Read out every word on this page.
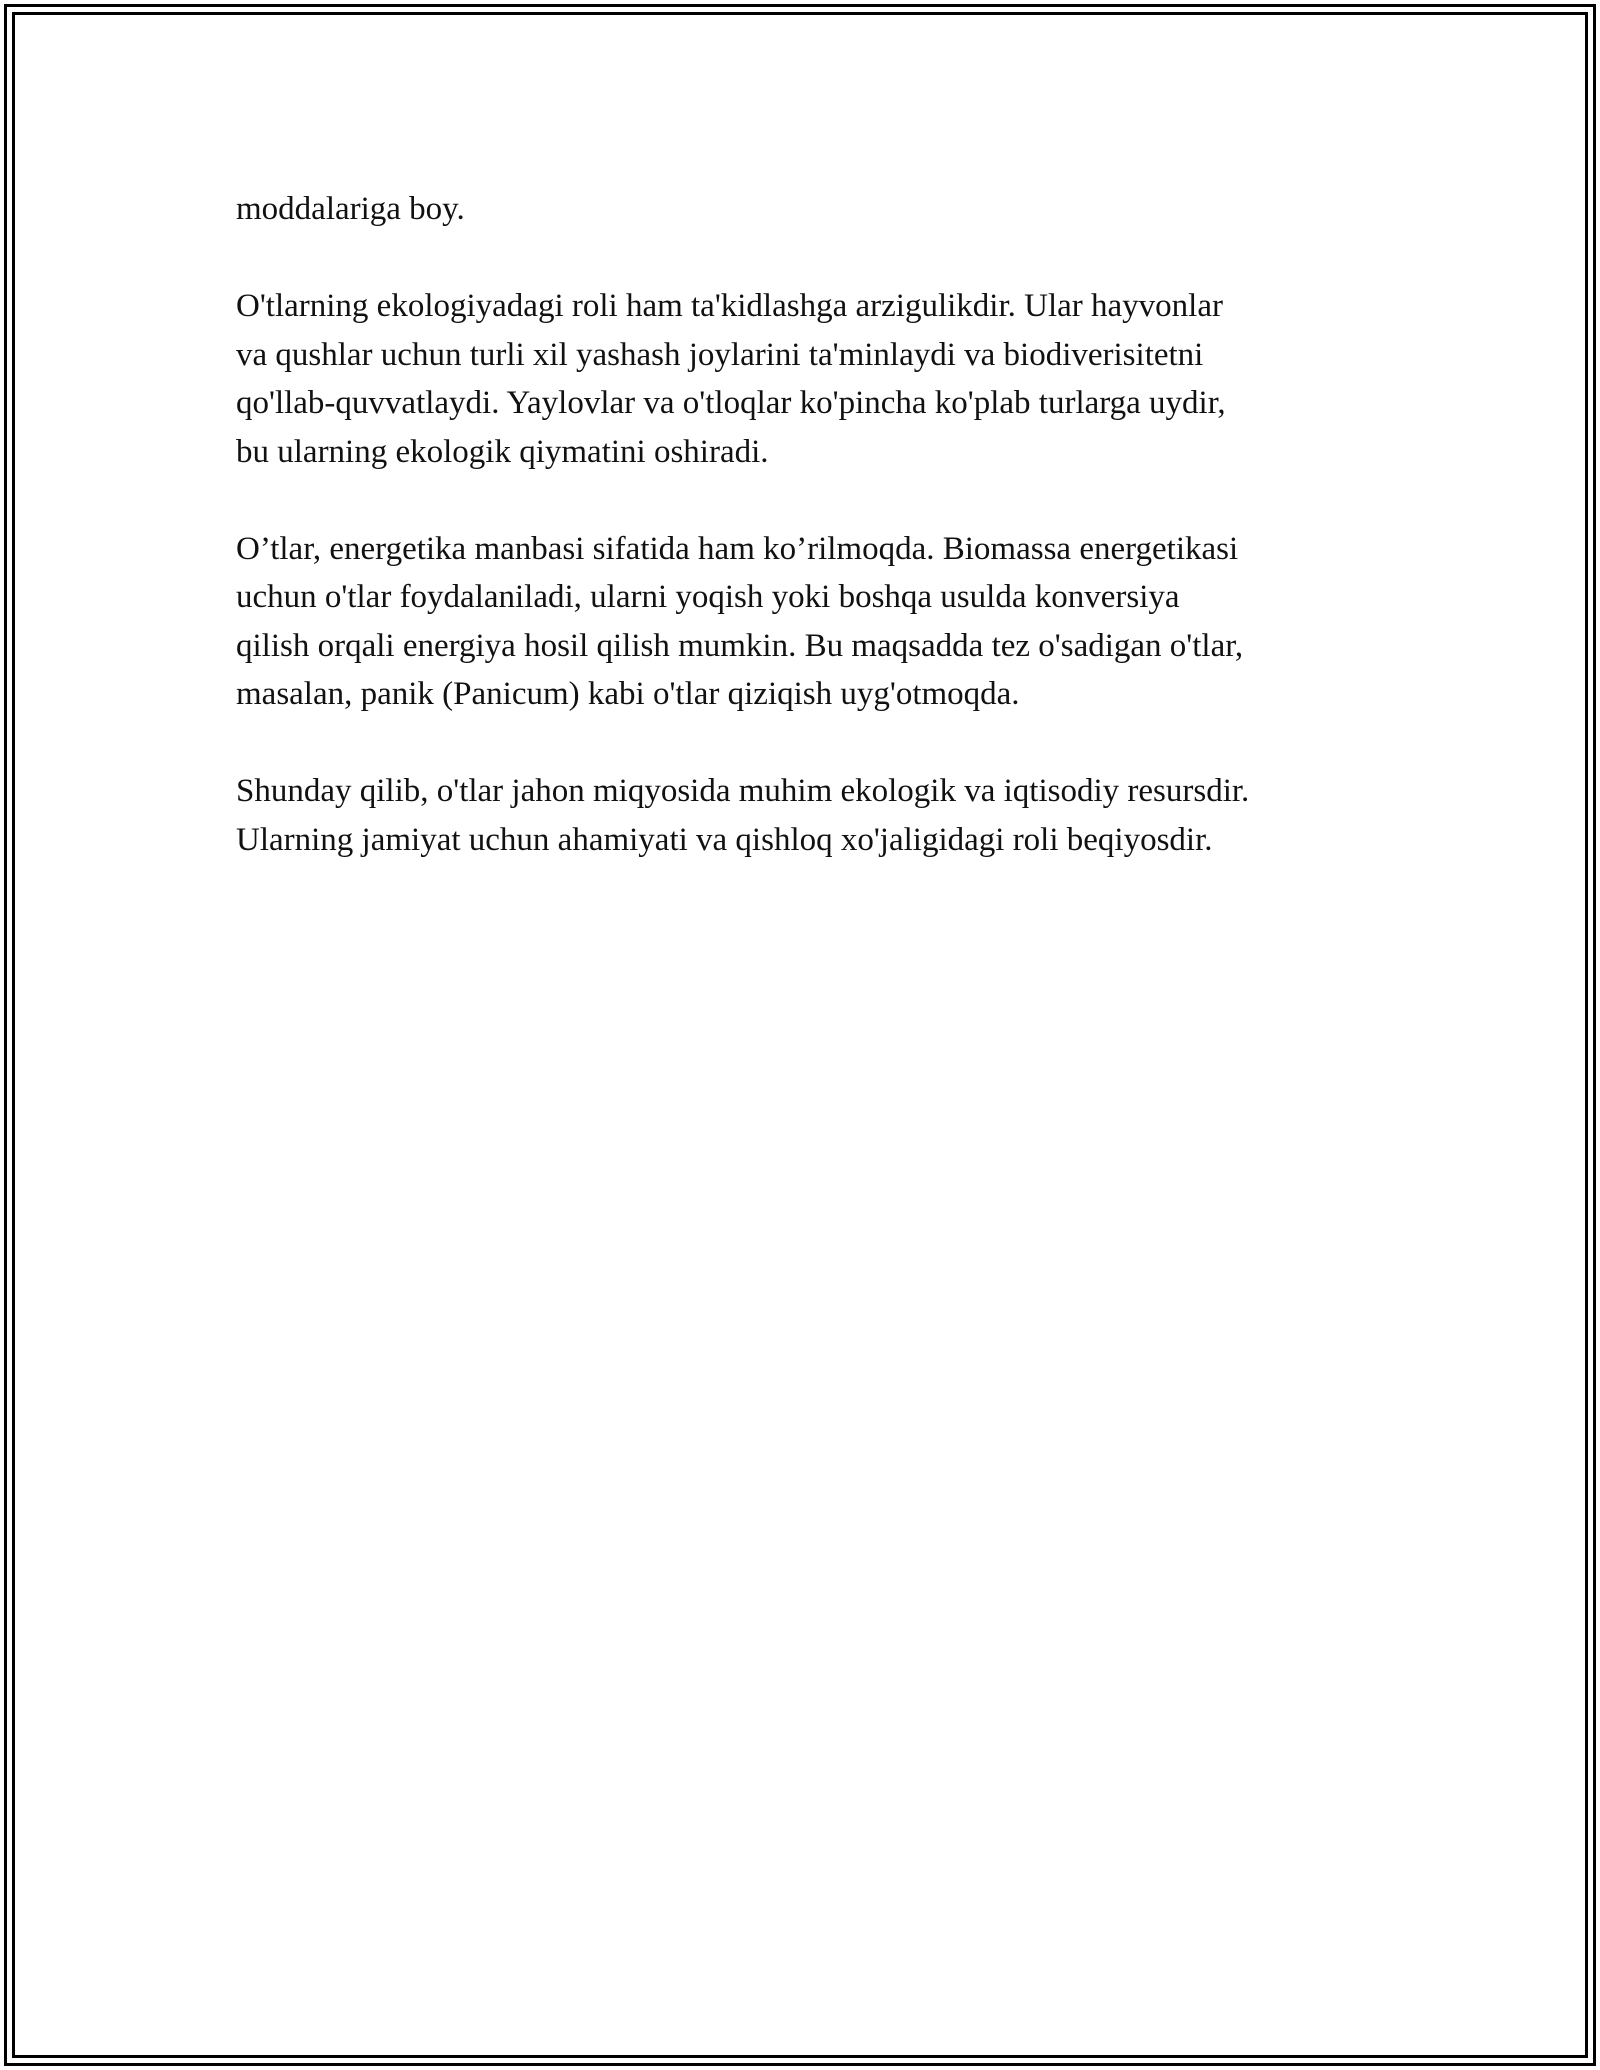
moddalariga boy.

O'tlarning ekologiyadagi roli ham ta'kidlashga arzigulikdir. Ular hayvonlar
va qushlar uchun turli xil yashash joylarini ta'minlaydi va biodiverisitetni
qo'llab-quvvatlaydi. Yaylovlar va o'tloqlar ko'pincha ko'plab turlarga uydir,
bu ularning ekologik qiymatini oshiradi.

O’tlar, energetika manbasi sifatida ham ko’rilmoqda. Biomassa energetikasi
uchun o'tlar foydalaniladi, ularni yoqish yoki boshqa usulda konversiya
qilish orqali energiya hosil qilish mumkin. Bu maqsadda tez o'sadigan o'tlar,
masalan, panik (Panicum) kabi o'tlar qiziqish uyg'otmoqda.

Shunday qilib, o'tlar jahon miqyosida muhim ekologik va iqtisodiy resursdir.
Ularning jamiyat uchun ahamiyati va qishloq xo'jaligidagi roli beqiyosdir.
